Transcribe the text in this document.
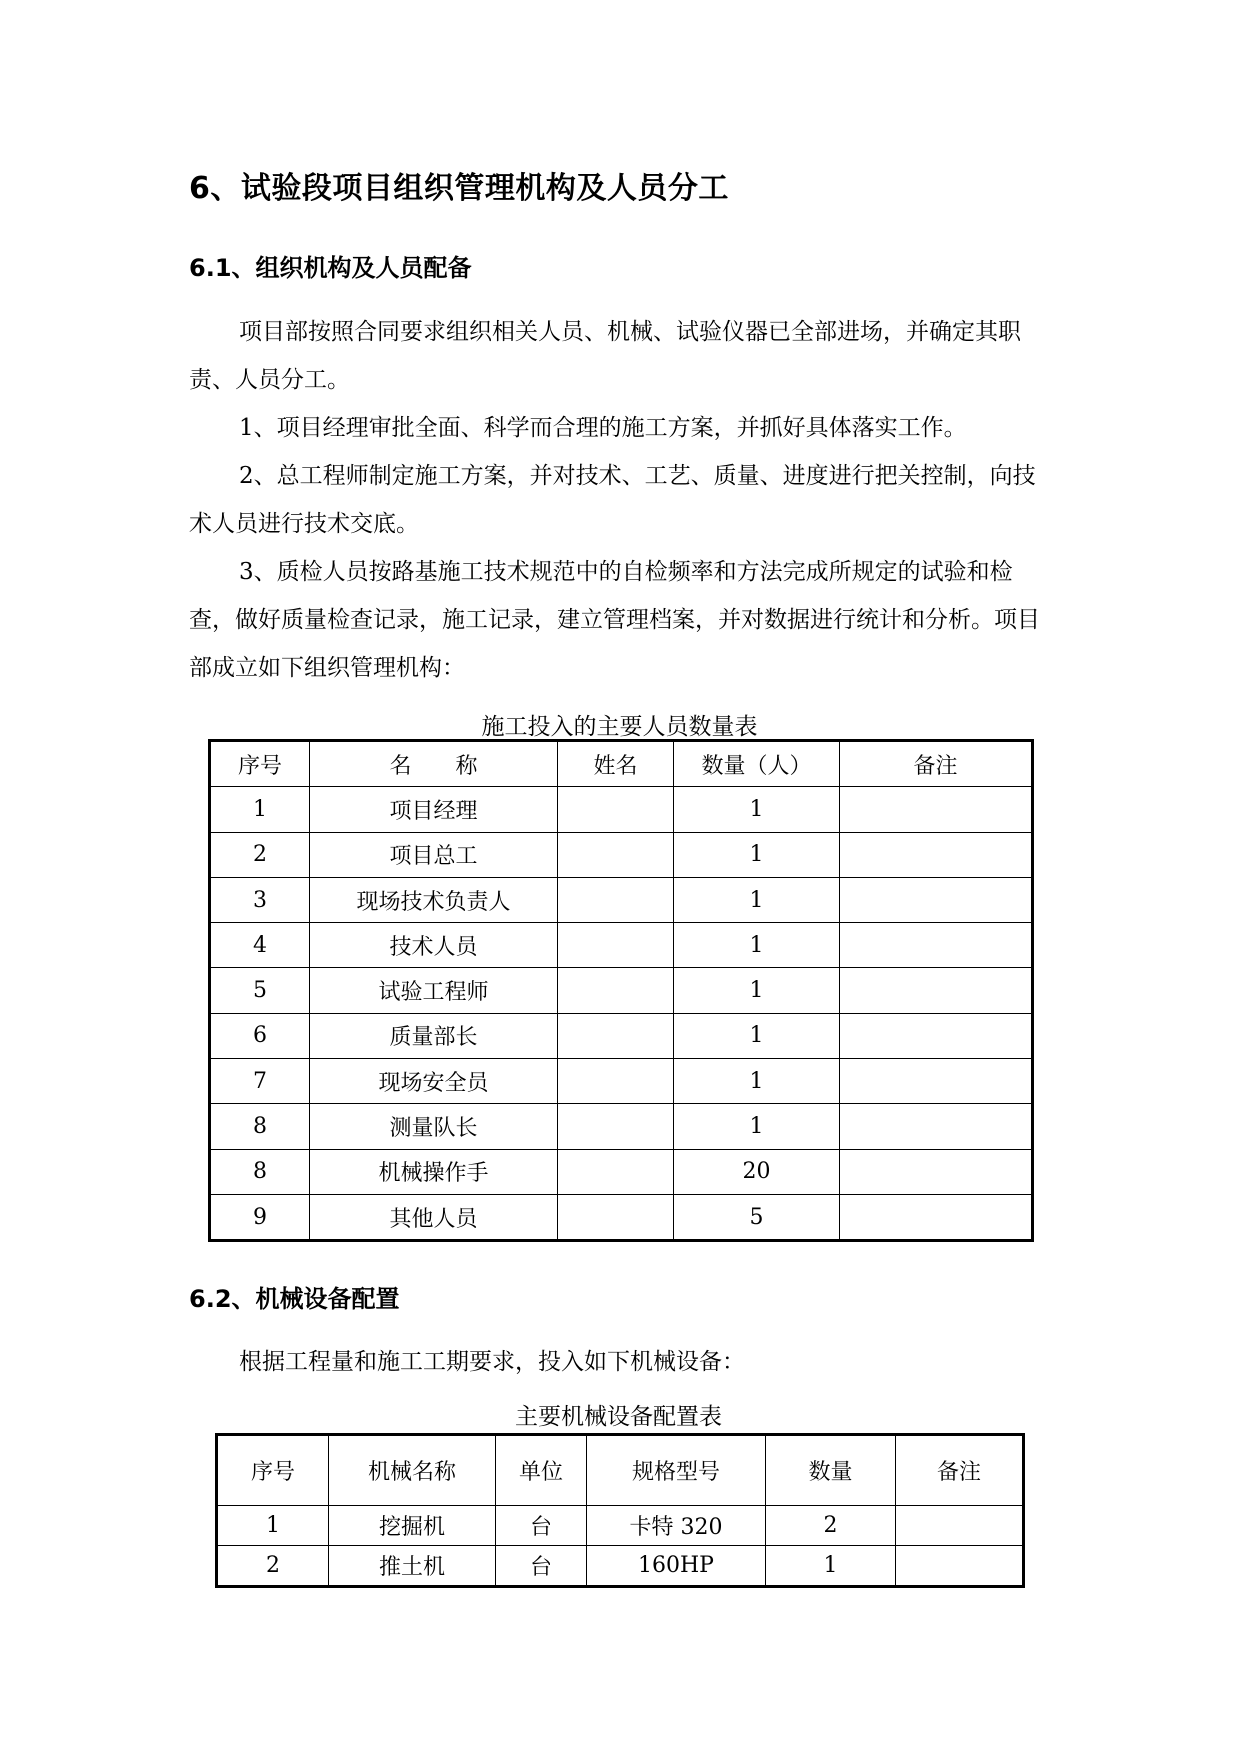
6、试验段项目组织管理机构及人员分工
6.1、组织机构及人员配备
项目部按照合同要求组织相关人员、机械、试验仪器已全部进场，并确定其职责、人员分工。
1、项目经理审批全面、科学而合理的施工方案，并抓好具体落实工作。
2、总工程师制定施工方案，并对技术、工艺、质量、进度进行把关控制，向技术人员进行技术交底。
3、质检人员按路基施工技术规范中的自检频率和方法完成所规定的试验和检查，做好质量检查记录，施工记录，建立管理档案，并对数据进行统计和分析。项目部成立如下组织管理机构：
施工投入的主要人员数量表
序号	名　　称	姓名	数量（人）	备注
1	项目经理		1	
2	项目总工		1	
3	现场技术负责人		1	
4	技术人员		1	
5	试验工程师		1	
6	质量部长		1	
7	现场安全员		1	
8	测量队长		1	
8	机械操作手		20	
9	其他人员		5	
6.2、机械设备配置
根据工程量和施工工期要求，投入如下机械设备：
主要机械设备配置表
序号	机械名称	单位	规格型号	数量	备注
1	挖掘机	台	卡特 320	2	
2	推土机	台	160HP	1	
